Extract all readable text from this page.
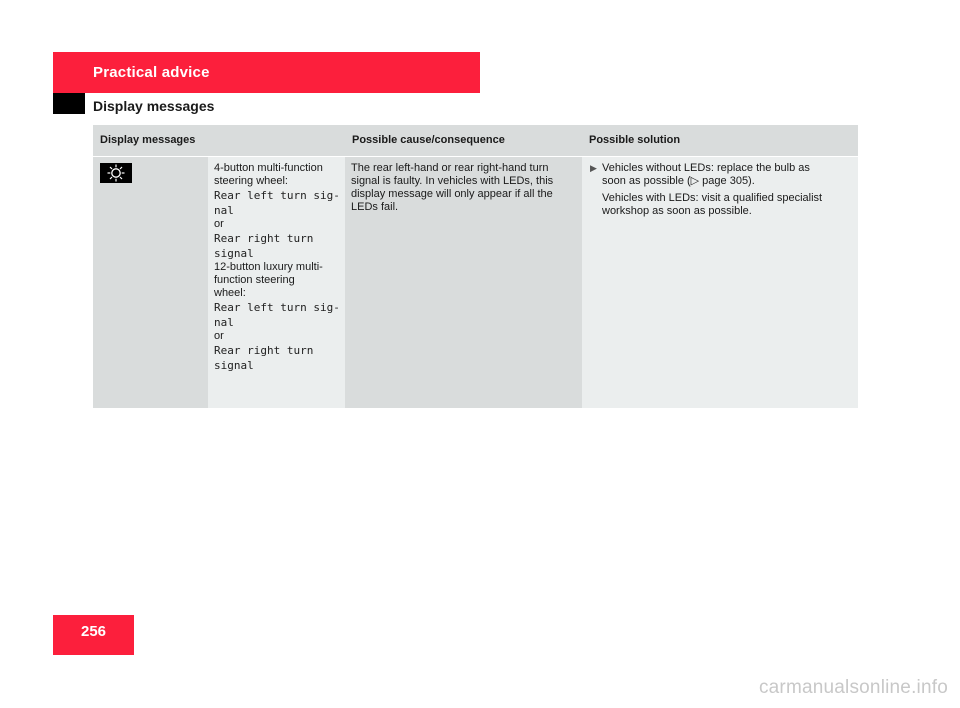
Practical advice
Display messages
Display messages	Possible cause/consequence	Possible solution
4-button multi-function
steering wheel:
Rear left turn sig-
nal
or
Rear right turn
signal
12-button luxury multi-
function steering
wheel:
Rear left turn sig-
nal
or
Rear right turn
signal
The rear left-hand or rear right-hand turn
signal is faulty. In vehicles with LEDs, this
display message will only appear if all the
LEDs fail.
▶ Vehicles without LEDs: replace the bulb as
soon as possible (▷ page 305).
Vehicles with LEDs: visit a qualified specialist
workshop as soon as possible.
256
carmanualsonline.info
